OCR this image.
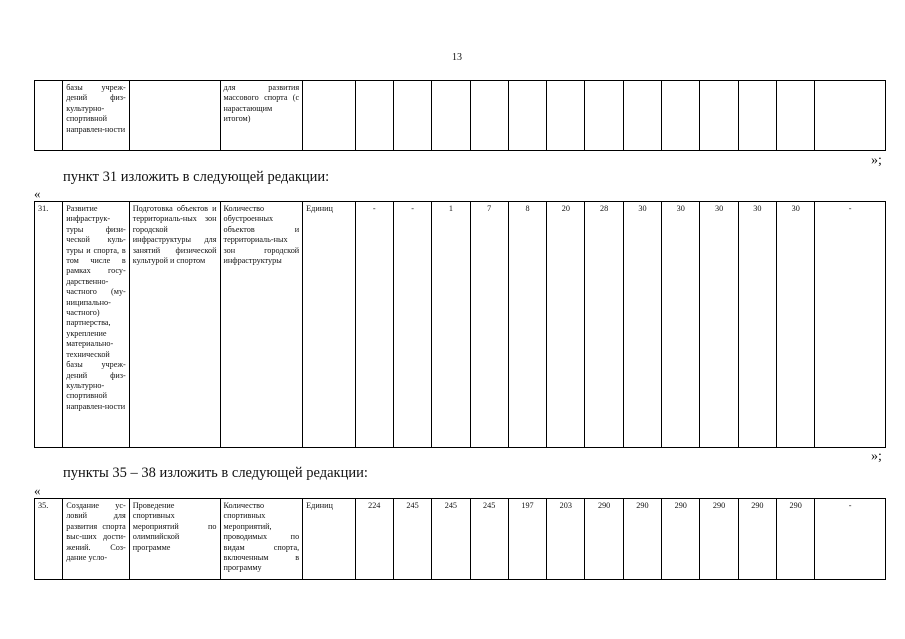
13
	базы учреж-дений физ-культурно-спортивной направлен-ности		для развития массового спорта (с нарастающим итогом)														
»;
пункт 31 изложить в следующей редакции:
«
31.	Развитие инфраструк-туры физи-ческой куль-туры и спорта, в том числе в рамках госу-дарственно-частного (му-ниципально-частного) партнерства, укрепление материально-технической базы учреж-дений физ-культурно-спортивной направлен-ности	Подготовка объектов и территориаль-ных зон городской инфраструктуры для занятий физической культурой и спортом	Количество обустроенных объектов и территориаль-ных зон городской инфраструктуры	Единиц	-	-	1	7	8	20	28	30	30	30	30	30	-
»;
пункты 35 – 38 изложить в следующей редакции:
«
35.	Создание ус-ловий для развития спорта выс-ших дости-жений. Соз-дание усло-	Проведение спортивных мероприятий по олимпийской программе	Количество спортивных мероприятий, проводимых по видам спорта, включенным в программу	Единиц	224	245	245	245	197	203	290	290	290	290	290	290	-
